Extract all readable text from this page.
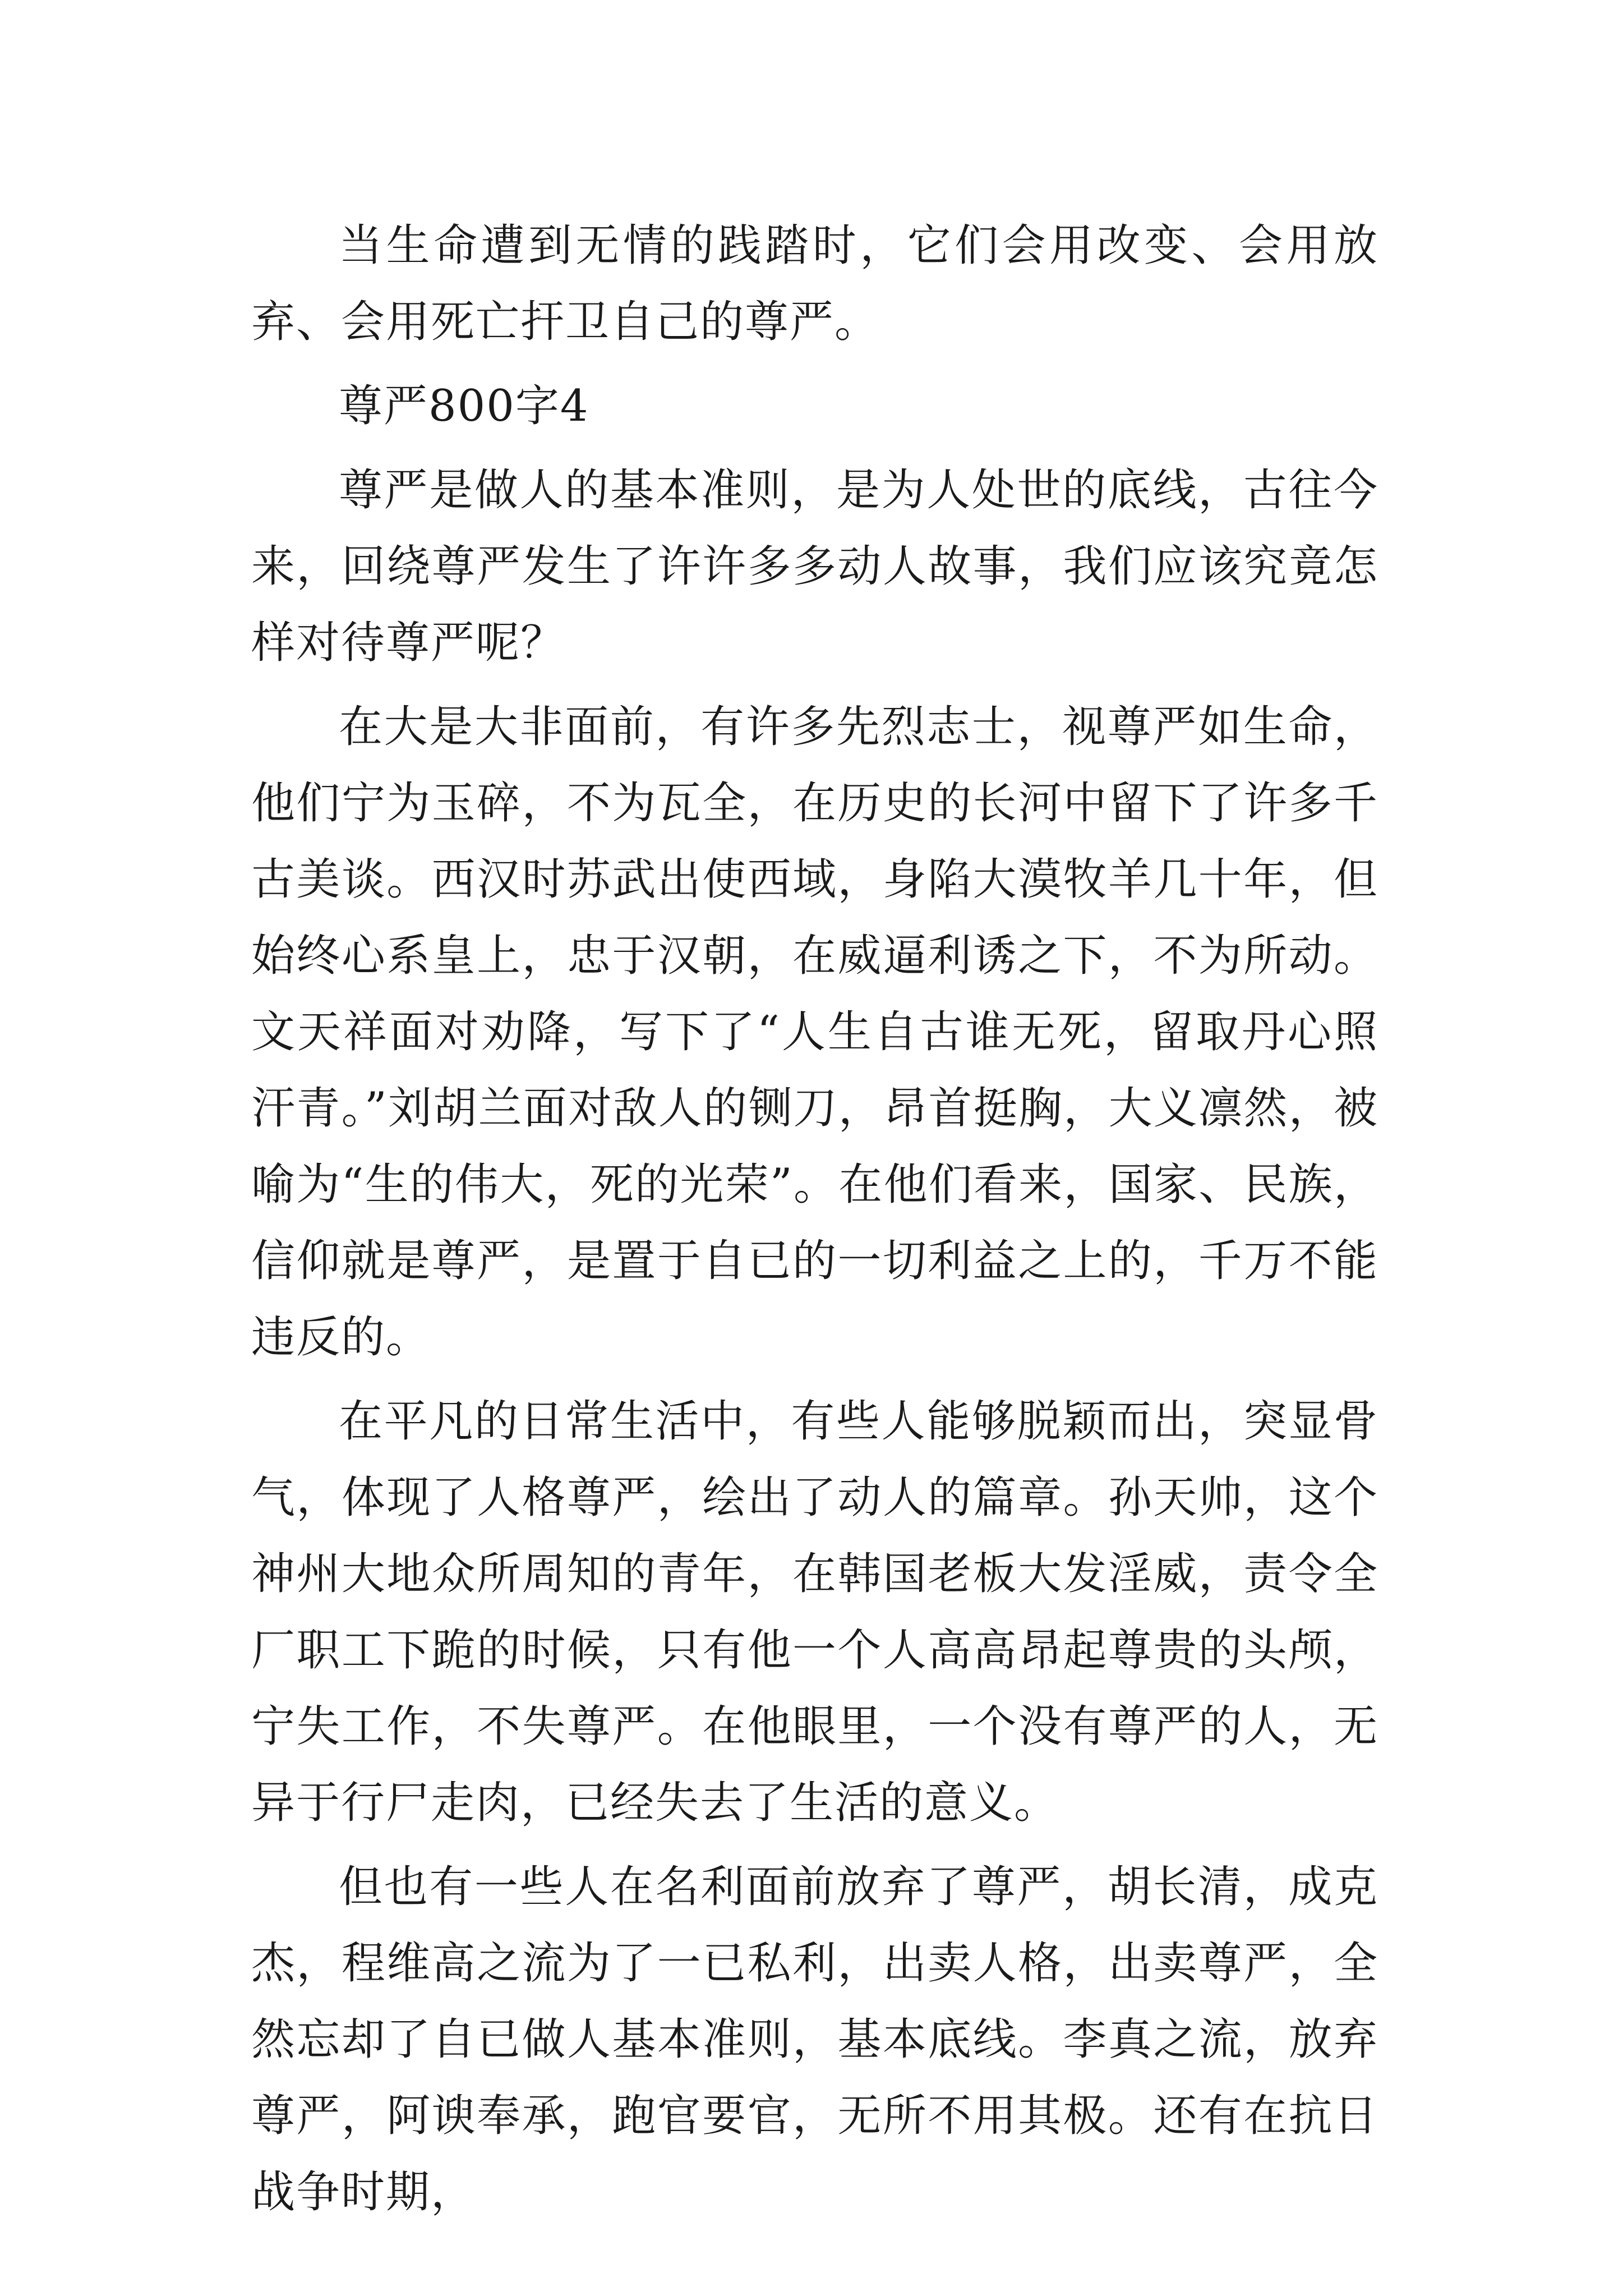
当生命遭到无情的践踏时，它们会用改变、会用放弃、会用死亡扞卫自己的尊严。

尊严800字4

尊严是做人的基本准则，是为人处世的底线，古往今来，回绕尊严发生了许许多多动人故事，我们应该究竟怎样对待尊严呢？

在大是大非面前，有许多先烈志士，视尊严如生命，他们宁为玉碎，不为瓦全，在历史的长河中留下了许多千古美谈。西汉时苏武出使西域，身陷大漠牧羊几十年，但始终心系皇上，忠于汉朝，在威逼利诱之下，不为所动。文天祥面对劝降，写下了“人生自古谁无死，留取丹心照汗青。”刘胡兰面对敌人的铡刀，昂首挺胸，大义凛然，被喻为“生的伟大，死的光荣”。在他们看来，国家、民族，信仰就是尊严，是置于自已的一切利益之上的，千万不能违反的。

在平凡的日常生活中，有些人能够脱颖而出，突显骨气，体现了人格尊严，绘出了动人的篇章。孙天帅，这个神州大地众所周知的青年，在韩国老板大发淫威，责令全厂职工下跪的时候，只有他一个人高高昂起尊贵的头颅，宁失工作，不失尊严。在他眼里，一个没有尊严的人，无异于行尸走肉，已经失去了生活的意义。

但也有一些人在名利面前放弃了尊严，胡长清，成克杰，程维高之流为了一已私利，出卖人格，出卖尊严，全然忘却了自已做人基本准则，基本底线。李真之流，放弃尊严，阿谀奉承，跑官要官，无所不用其极。还有在抗日战争时期，
